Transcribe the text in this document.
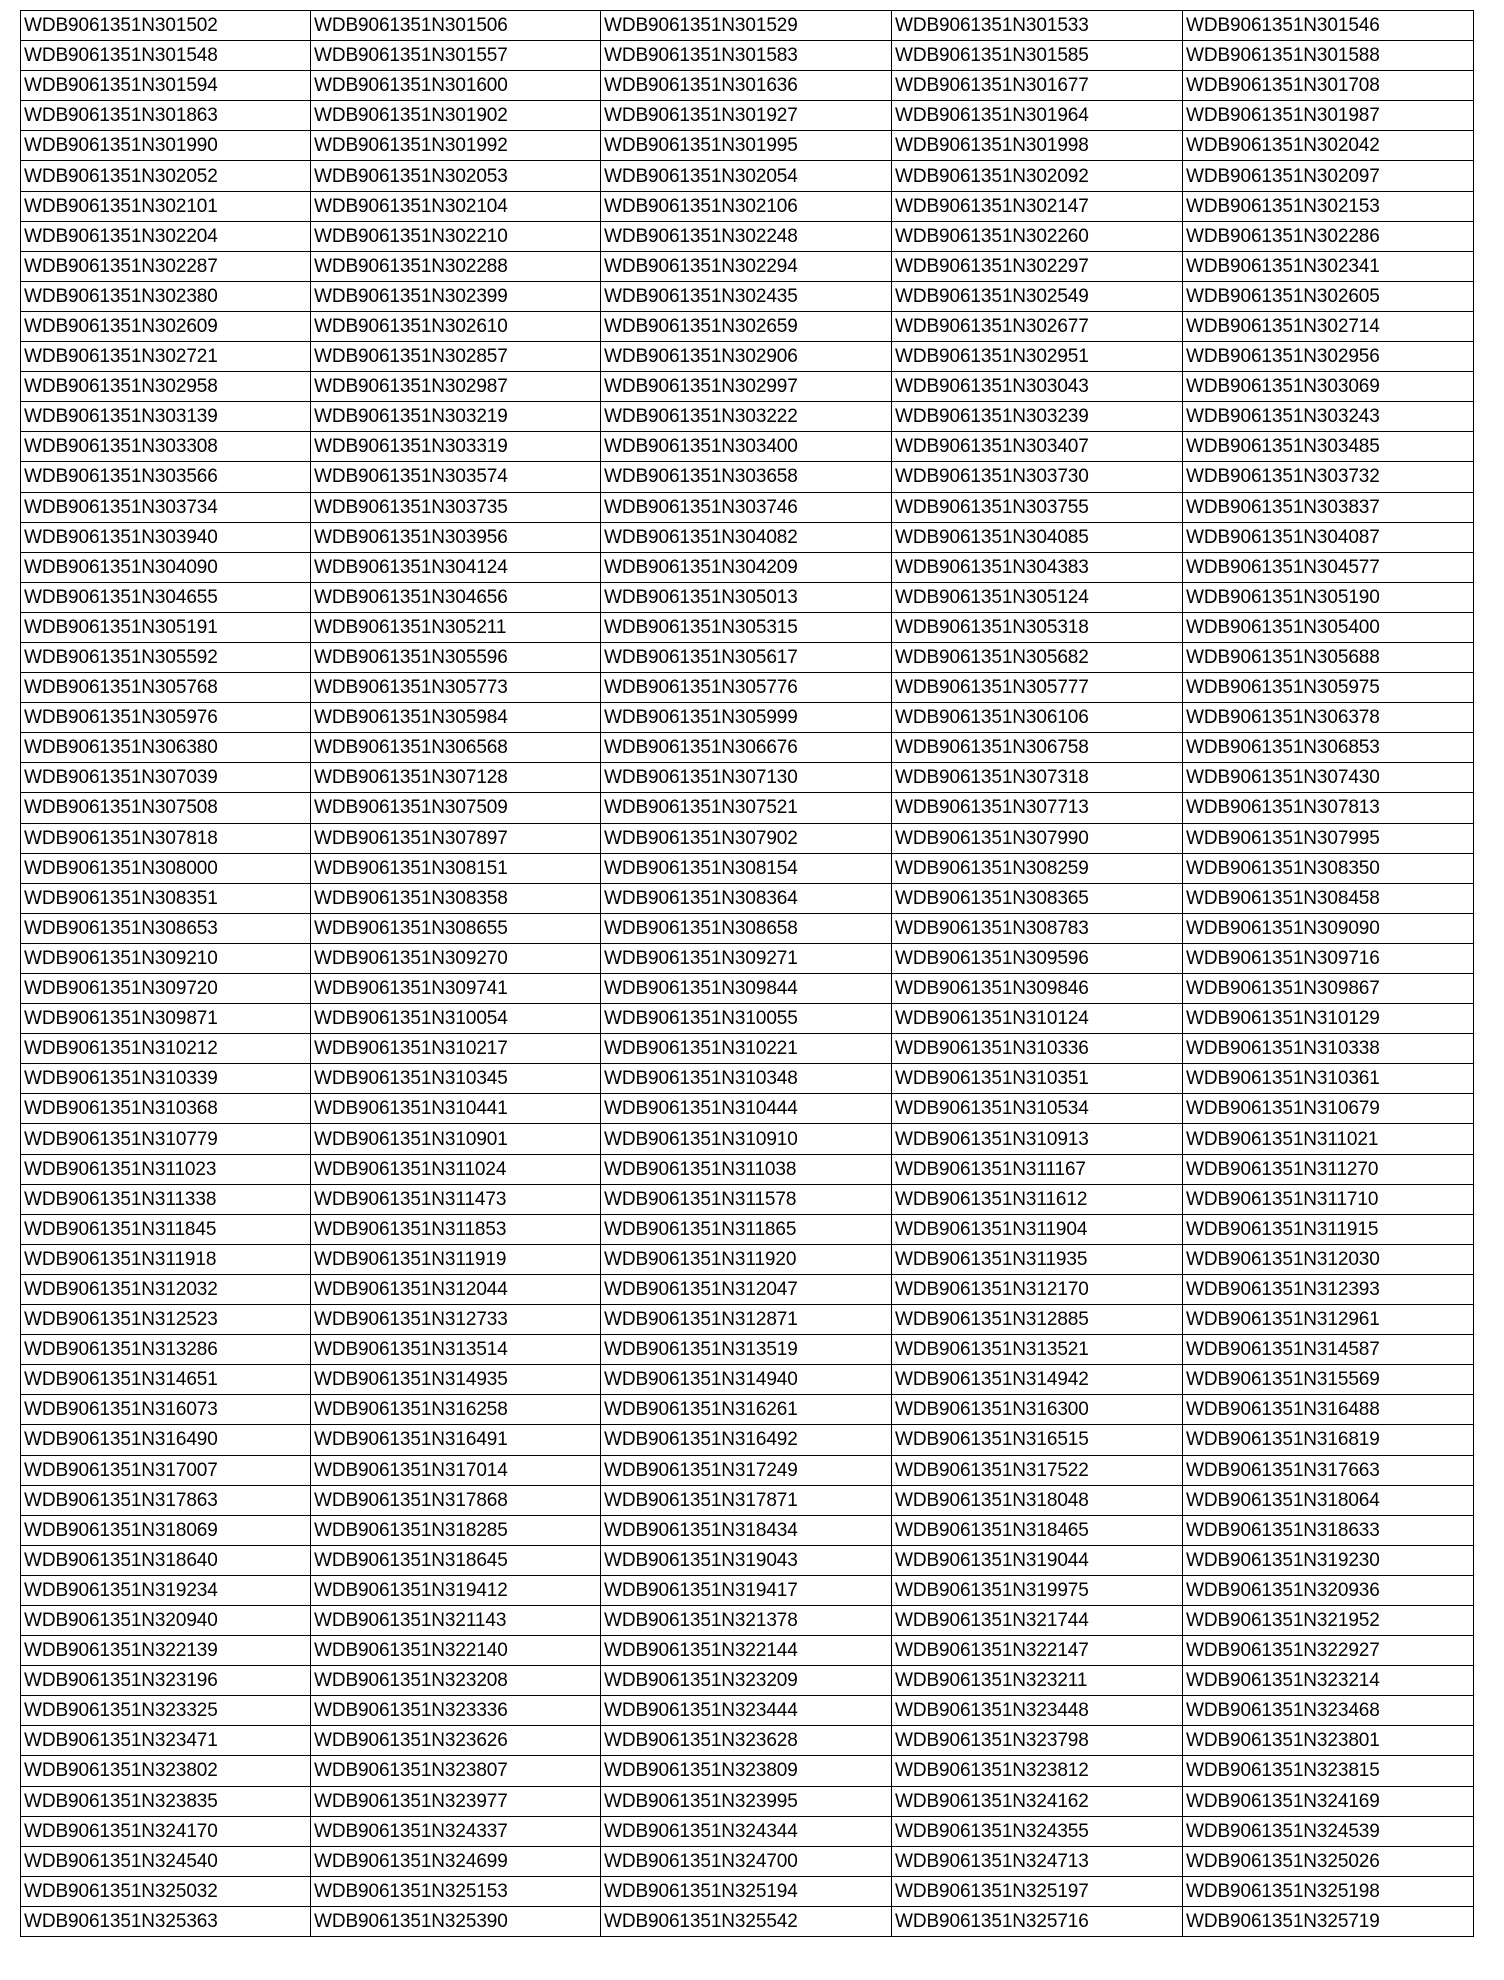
WDB9061351N301502	WDB9061351N301506	WDB9061351N301529	WDB9061351N301533	WDB9061351N301546
WDB9061351N301548	WDB9061351N301557	WDB9061351N301583	WDB9061351N301585	WDB9061351N301588
WDB9061351N301594	WDB9061351N301600	WDB9061351N301636	WDB9061351N301677	WDB9061351N301708
WDB9061351N301863	WDB9061351N301902	WDB9061351N301927	WDB9061351N301964	WDB9061351N301987
WDB9061351N301990	WDB9061351N301992	WDB9061351N301995	WDB9061351N301998	WDB9061351N302042
WDB9061351N302052	WDB9061351N302053	WDB9061351N302054	WDB9061351N302092	WDB9061351N302097
WDB9061351N302101	WDB9061351N302104	WDB9061351N302106	WDB9061351N302147	WDB9061351N302153
WDB9061351N302204	WDB9061351N302210	WDB9061351N302248	WDB9061351N302260	WDB9061351N302286
WDB9061351N302287	WDB9061351N302288	WDB9061351N302294	WDB9061351N302297	WDB9061351N302341
WDB9061351N302380	WDB9061351N302399	WDB9061351N302435	WDB9061351N302549	WDB9061351N302605
WDB9061351N302609	WDB9061351N302610	WDB9061351N302659	WDB9061351N302677	WDB9061351N302714
WDB9061351N302721	WDB9061351N302857	WDB9061351N302906	WDB9061351N302951	WDB9061351N302956
WDB9061351N302958	WDB9061351N302987	WDB9061351N302997	WDB9061351N303043	WDB9061351N303069
WDB9061351N303139	WDB9061351N303219	WDB9061351N303222	WDB9061351N303239	WDB9061351N303243
WDB9061351N303308	WDB9061351N303319	WDB9061351N303400	WDB9061351N303407	WDB9061351N303485
WDB9061351N303566	WDB9061351N303574	WDB9061351N303658	WDB9061351N303730	WDB9061351N303732
WDB9061351N303734	WDB9061351N303735	WDB9061351N303746	WDB9061351N303755	WDB9061351N303837
WDB9061351N303940	WDB9061351N303956	WDB9061351N304082	WDB9061351N304085	WDB9061351N304087
WDB9061351N304090	WDB9061351N304124	WDB9061351N304209	WDB9061351N304383	WDB9061351N304577
WDB9061351N304655	WDB9061351N304656	WDB9061351N305013	WDB9061351N305124	WDB9061351N305190
WDB9061351N305191	WDB9061351N305211	WDB9061351N305315	WDB9061351N305318	WDB9061351N305400
WDB9061351N305592	WDB9061351N305596	WDB9061351N305617	WDB9061351N305682	WDB9061351N305688
WDB9061351N305768	WDB9061351N305773	WDB9061351N305776	WDB9061351N305777	WDB9061351N305975
WDB9061351N305976	WDB9061351N305984	WDB9061351N305999	WDB9061351N306106	WDB9061351N306378
WDB9061351N306380	WDB9061351N306568	WDB9061351N306676	WDB9061351N306758	WDB9061351N306853
WDB9061351N307039	WDB9061351N307128	WDB9061351N307130	WDB9061351N307318	WDB9061351N307430
WDB9061351N307508	WDB9061351N307509	WDB9061351N307521	WDB9061351N307713	WDB9061351N307813
WDB9061351N307818	WDB9061351N307897	WDB9061351N307902	WDB9061351N307990	WDB9061351N307995
WDB9061351N308000	WDB9061351N308151	WDB9061351N308154	WDB9061351N308259	WDB9061351N308350
WDB9061351N308351	WDB9061351N308358	WDB9061351N308364	WDB9061351N308365	WDB9061351N308458
WDB9061351N308653	WDB9061351N308655	WDB9061351N308658	WDB9061351N308783	WDB9061351N309090
WDB9061351N309210	WDB9061351N309270	WDB9061351N309271	WDB9061351N309596	WDB9061351N309716
WDB9061351N309720	WDB9061351N309741	WDB9061351N309844	WDB9061351N309846	WDB9061351N309867
WDB9061351N309871	WDB9061351N310054	WDB9061351N310055	WDB9061351N310124	WDB9061351N310129
WDB9061351N310212	WDB9061351N310217	WDB9061351N310221	WDB9061351N310336	WDB9061351N310338
WDB9061351N310339	WDB9061351N310345	WDB9061351N310348	WDB9061351N310351	WDB9061351N310361
WDB9061351N310368	WDB9061351N310441	WDB9061351N310444	WDB9061351N310534	WDB9061351N310679
WDB9061351N310779	WDB9061351N310901	WDB9061351N310910	WDB9061351N310913	WDB9061351N311021
WDB9061351N311023	WDB9061351N311024	WDB9061351N311038	WDB9061351N311167	WDB9061351N311270
WDB9061351N311338	WDB9061351N311473	WDB9061351N311578	WDB9061351N311612	WDB9061351N311710
WDB9061351N311845	WDB9061351N311853	WDB9061351N311865	WDB9061351N311904	WDB9061351N311915
WDB9061351N311918	WDB9061351N311919	WDB9061351N311920	WDB9061351N311935	WDB9061351N312030
WDB9061351N312032	WDB9061351N312044	WDB9061351N312047	WDB9061351N312170	WDB9061351N312393
WDB9061351N312523	WDB9061351N312733	WDB9061351N312871	WDB9061351N312885	WDB9061351N312961
WDB9061351N313286	WDB9061351N313514	WDB9061351N313519	WDB9061351N313521	WDB9061351N314587
WDB9061351N314651	WDB9061351N314935	WDB9061351N314940	WDB9061351N314942	WDB9061351N315569
WDB9061351N316073	WDB9061351N316258	WDB9061351N316261	WDB9061351N316300	WDB9061351N316488
WDB9061351N316490	WDB9061351N316491	WDB9061351N316492	WDB9061351N316515	WDB9061351N316819
WDB9061351N317007	WDB9061351N317014	WDB9061351N317249	WDB9061351N317522	WDB9061351N317663
WDB9061351N317863	WDB9061351N317868	WDB9061351N317871	WDB9061351N318048	WDB9061351N318064
WDB9061351N318069	WDB9061351N318285	WDB9061351N318434	WDB9061351N318465	WDB9061351N318633
WDB9061351N318640	WDB9061351N318645	WDB9061351N319043	WDB9061351N319044	WDB9061351N319230
WDB9061351N319234	WDB9061351N319412	WDB9061351N319417	WDB9061351N319975	WDB9061351N320936
WDB9061351N320940	WDB9061351N321143	WDB9061351N321378	WDB9061351N321744	WDB9061351N321952
WDB9061351N322139	WDB9061351N322140	WDB9061351N322144	WDB9061351N322147	WDB9061351N322927
WDB9061351N323196	WDB9061351N323208	WDB9061351N323209	WDB9061351N323211	WDB9061351N323214
WDB9061351N323325	WDB9061351N323336	WDB9061351N323444	WDB9061351N323448	WDB9061351N323468
WDB9061351N323471	WDB9061351N323626	WDB9061351N323628	WDB9061351N323798	WDB9061351N323801
WDB9061351N323802	WDB9061351N323807	WDB9061351N323809	WDB9061351N323812	WDB9061351N323815
WDB9061351N323835	WDB9061351N323977	WDB9061351N323995	WDB9061351N324162	WDB9061351N324169
WDB9061351N324170	WDB9061351N324337	WDB9061351N324344	WDB9061351N324355	WDB9061351N324539
WDB9061351N324540	WDB9061351N324699	WDB9061351N324700	WDB9061351N324713	WDB9061351N325026
WDB9061351N325032	WDB9061351N325153	WDB9061351N325194	WDB9061351N325197	WDB9061351N325198
WDB9061351N325363	WDB9061351N325390	WDB9061351N325542	WDB9061351N325716	WDB9061351N325719
